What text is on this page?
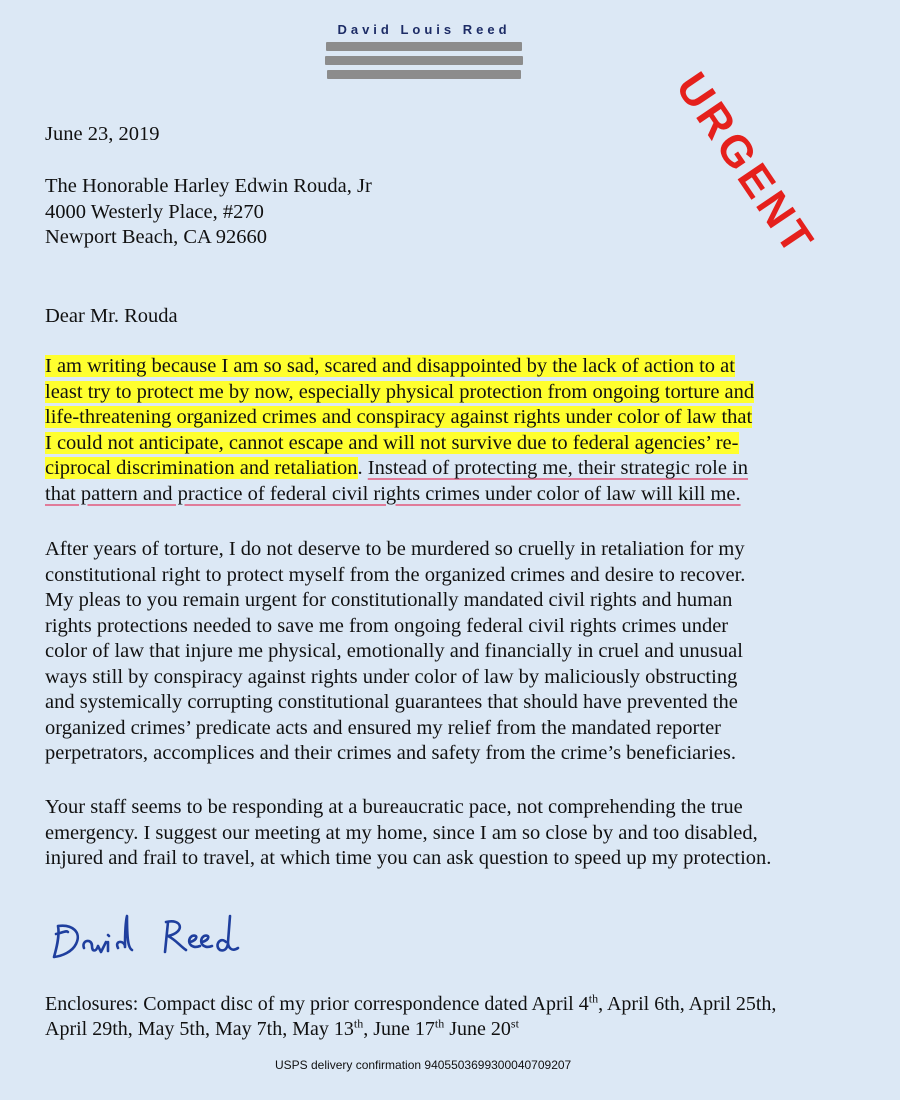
David Louis Reed
URGENT
June 23, 2019
The Honorable Harley Edwin Rouda, Jr
4000 Westerly Place, #270
Newport Beach, CA 92660
Dear Mr. Rouda
I am writing because I am so sad, scared and disappointed by the lack of action to at
least try to protect me by now, especially physical protection from ongoing torture and
life-threatening organized crimes and conspiracy against rights under color of law that
I could not anticipate, cannot escape and will not survive due to federal agencies’ re-
ciprocal discrimination and retaliation. Instead of protecting me, their strategic role in
that pattern and practice of federal civil rights crimes under color of law will kill me.
After years of torture, I do not deserve to be murdered so cruelly in retaliation for my
constitutional right to protect myself from the organized crimes and desire to recover.
My pleas to you remain urgent for constitutionally mandated civil rights and human
rights protections needed to save me from ongoing federal civil rights crimes under
color of law that injure me physical, emotionally and financially in cruel and unusual
ways still by conspiracy against rights under color of law by maliciously obstructing
and systemically corrupting constitutional guarantees that should have prevented the
organized crimes’ predicate acts and ensured my relief from the mandated reporter
perpetrators, accomplices and their crimes and safety from the crime’s beneficiaries.
Your staff seems to be responding at a bureaucratic pace, not comprehending the true
emergency. I suggest our meeting at my home, since I am so close by and too disabled,
injured and frail to travel, at which time you can ask question to speed up my protection.
Enclosures: Compact disc of my prior correspondence dated April 4th, April 6th, April 25th,
April 29th, May 5th, May 7th, May 13th, June 17th June 20st
USPS delivery confirmation 9405503699300040709207
